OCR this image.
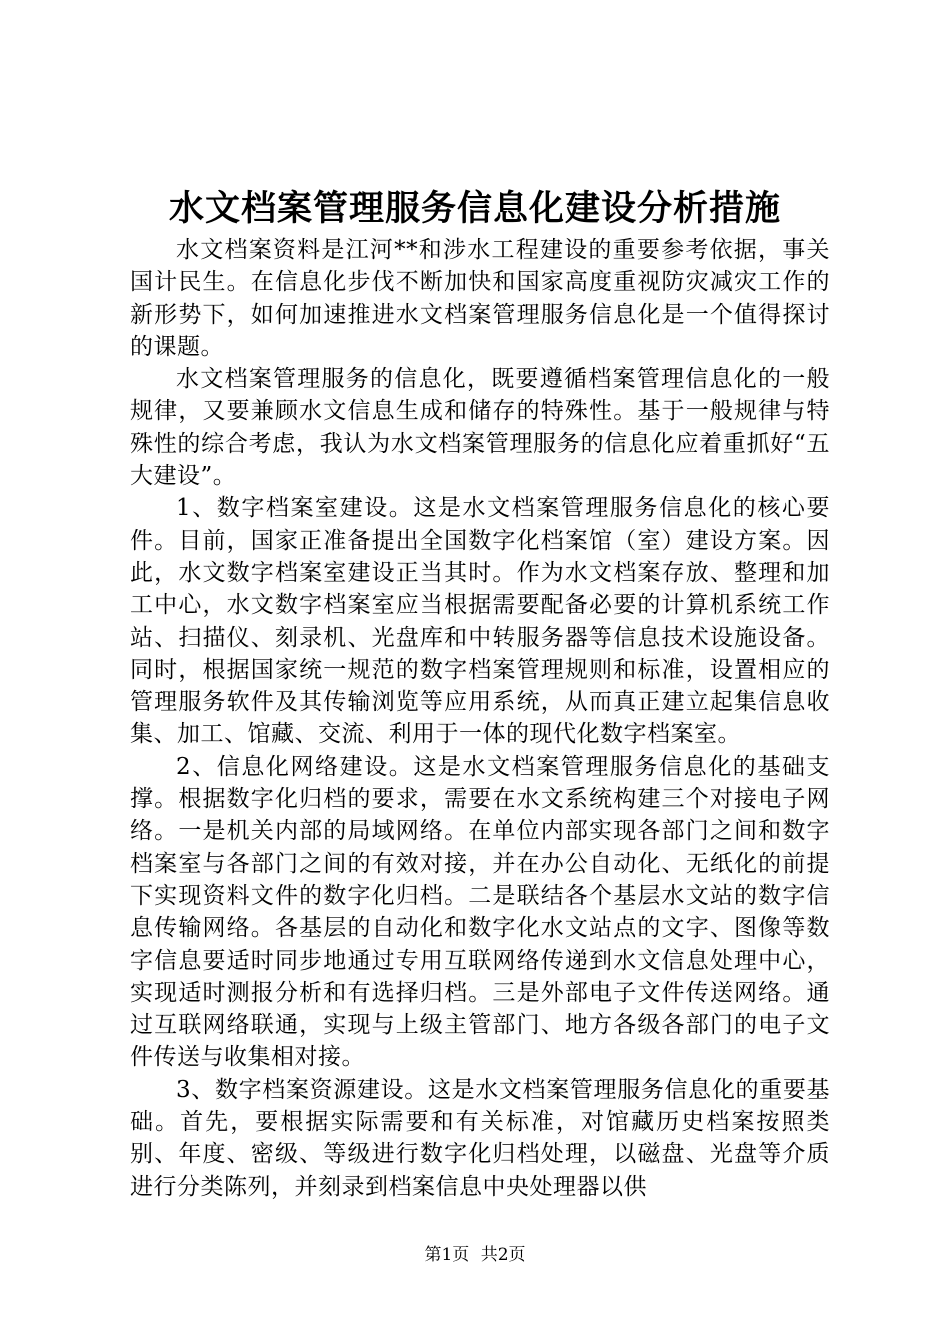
水文档案管理服务信息化建设分析措施

水文档案资料是江河**和涉水工程建设的重要参考依据，事关国计民生。在信息化步伐不断加快和国家高度重视防灾减灾工作的新形势下，如何加速推进水文档案管理服务信息化是一个值得探讨的课题。

水文档案管理服务的信息化，既要遵循档案管理信息化的一般规律，又要兼顾水文信息生成和储存的特殊性。基于一般规律与特殊性的综合考虑，我认为水文档案管理服务的信息化应着重抓好“五大建设”。

1、数字档案室建设。这是水文档案管理服务信息化的核心要件。目前，国家正准备提出全国数字化档案馆（室）建设方案。因此，水文数字档案室建设正当其时。作为水文档案存放、整理和加工中心，水文数字档案室应当根据需要配备必要的计算机系统工作站、扫描仪、刻录机、光盘库和中转服务器等信息技术设施设备。同时，根据国家统一规范的数字档案管理规则和标准，设置相应的管理服务软件及其传输浏览等应用系统，从而真正建立起集信息收集、加工、馆藏、交流、利用于一体的现代化数字档案室。

2、信息化网络建设。这是水文档案管理服务信息化的基础支撑。根据数字化归档的要求，需要在水文系统构建三个对接电子网络。一是机关内部的局域网络。在单位内部实现各部门之间和数字档案室与各部门之间的有效对接，并在办公自动化、无纸化的前提下实现资料文件的数字化归档。二是联结各个基层水文站的数字信息传输网络。各基层的自动化和数字化水文站点的文字、图像等数字信息要适时同步地通过专用互联网络传递到水文信息处理中心，实现适时测报分析和有选择归档。三是外部电子文件传送网络。通过互联网络联通，实现与上级主管部门、地方各级各部门的电子文件传送与收集相对接。

3、数字档案资源建设。这是水文档案管理服务信息化的重要基础。首先，要根据实际需要和有关标准，对馆藏历史档案按照类别、年度、密级、等级进行数字化归档处理，以磁盘、光盘等介质进行分类陈列，并刻录到档案信息中央处理器以供

第1页 共2页
